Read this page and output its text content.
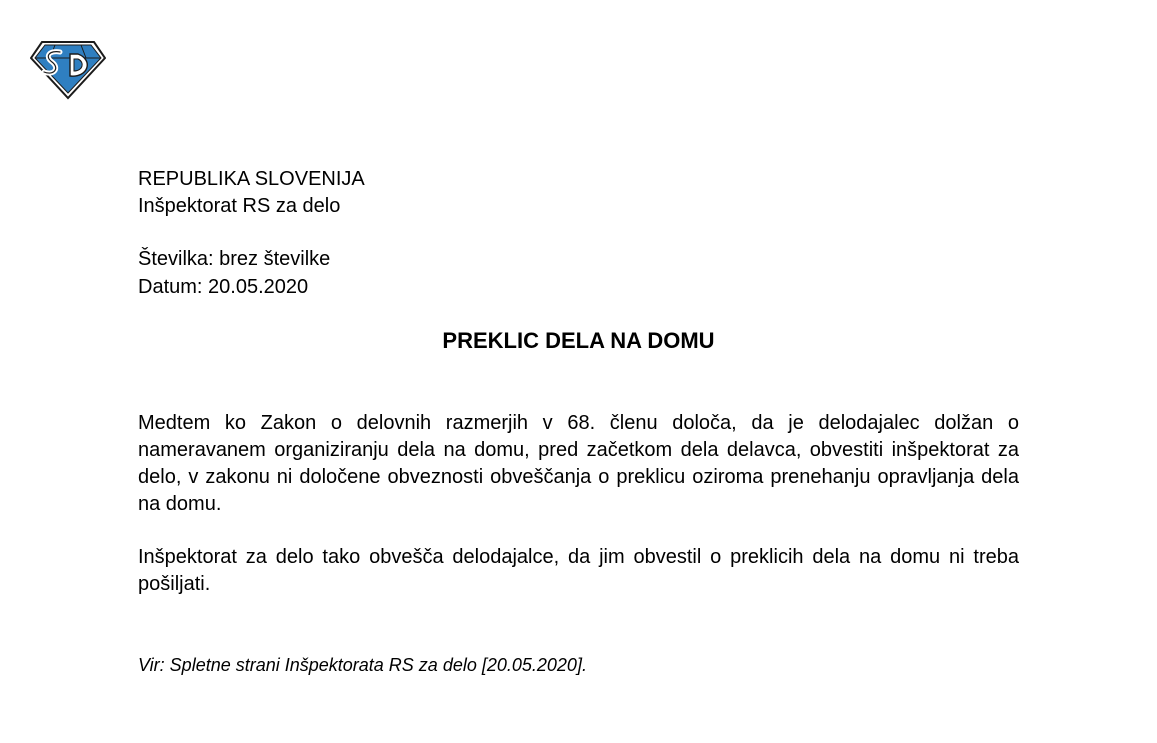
REPUBLIKA SLOVENIJA
Inšpektorat RS za delo
Številka: brez številke
Datum: 20.05.2020
PREKLIC DELA NA DOMU

Medtem ko Zakon o delovnih razmerjih v 68. členu določa, da je delodajalec dolžan o nameravanem organiziranju dela na domu, pred začetkom dela delavca, obvestiti inšpektorat za delo, v zakonu ni določene obveznosti obveščanja o preklicu oziroma prenehanju opravljanja dela na domu.

Inšpektorat za delo tako obvešča delodajalce, da jim obvestil o preklicih dela na domu ni treba pošiljati.

Vir: Spletne strani Inšpektorata RS za delo [20.05.2020].
